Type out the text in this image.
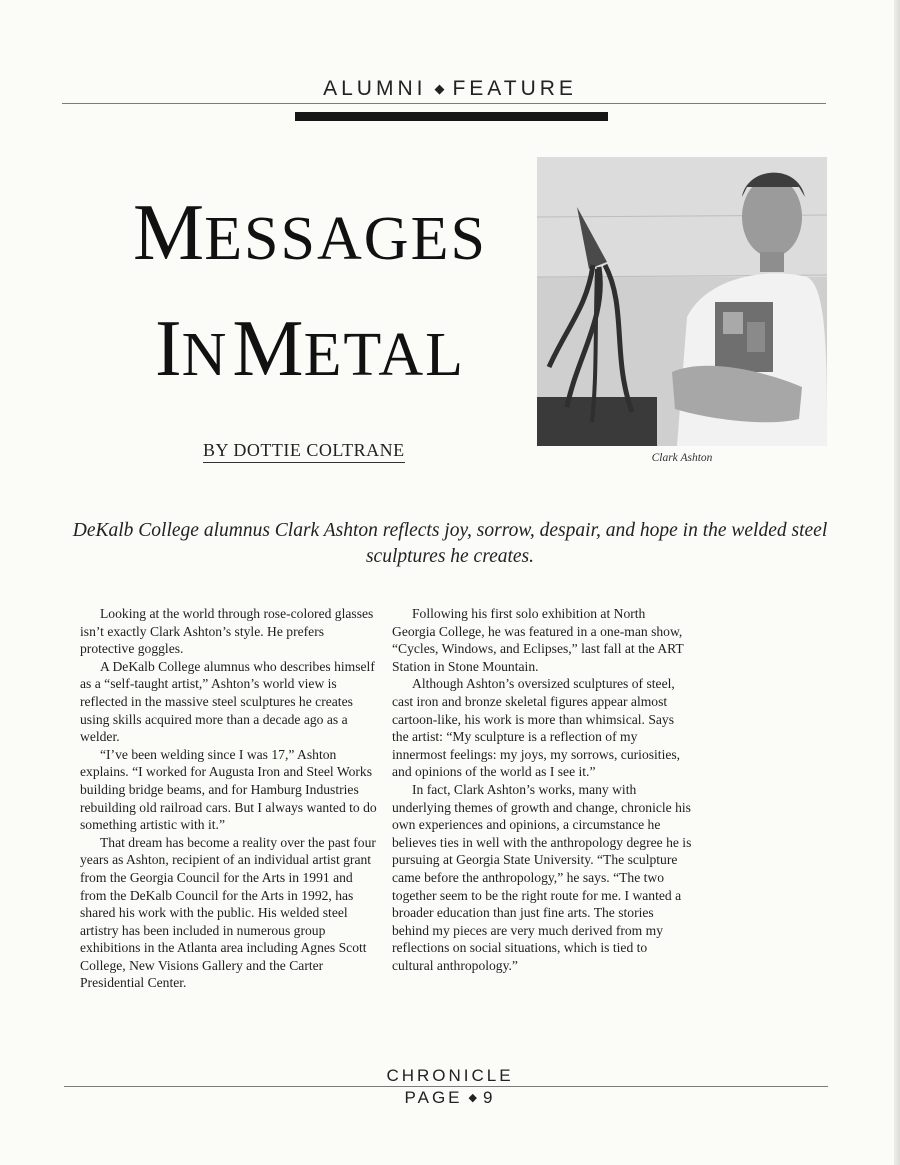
ALUMNI ◆ FEATURE
MESSAGES
IN METAL
BY DOTTIE COLTRANE	Clark Ashton
DeKalb College alumnus Clark Ashton reflects joy, sorrow, despair, and hope in the welded steel sculptures he creates.

Looking at the world through rose-colored glasses isn’t exactly Clark Ashton’s style. He prefers protective goggles.

A DeKalb College alumnus who describes himself as a “self-taught artist,” Ashton’s world view is reflected in the massive steel sculptures he creates using skills acquired more than a decade ago as a welder.

“I’ve been welding since I was 17,” Ashton explains. “I worked for Augusta Iron and Steel Works building bridge beams, and for Hamburg Industries rebuilding old railroad cars. But I always wanted to do something artistic with it.”

That dream has become a reality over the past four years as Ashton, recipient of an individual artist grant from the Georgia Council for the Arts in 1991 and from the DeKalb Council for the Arts in 1992, has shared his work with the public. His welded steel artistry has been included in numerous group exhibitions in the Atlanta area including Agnes Scott College, New Visions Gallery and the Carter Presidential Center.

Following his first solo exhibition at North Georgia College, he was featured in a one-man show, “Cycles, Windows, and Eclipses,” last fall at the ART Station in Stone Mountain.

Although Ashton’s oversized sculptures of steel, cast iron and bronze skeletal figures appear almost cartoon-like, his work is more than whimsical. Says the artist: “My sculpture is a reflection of my innermost feelings: my joys, my sorrows, curiosities, and opinions of the world as I see it.”

In fact, Clark Ashton’s works, many with underlying themes of growth and change, chronicle his own experiences and opinions, a circumstance he believes ties in well with the anthropology degree he is pursuing at Georgia State University. “The sculpture came before the anthropology,” he says. “The two together seem to be the right route for me. I wanted a broader education than just fine arts. The stories behind my pieces are very much derived from my reflections on social situations, which is tied to cultural anthropology.”

CHRONICLE
PAGE ◆ 9
